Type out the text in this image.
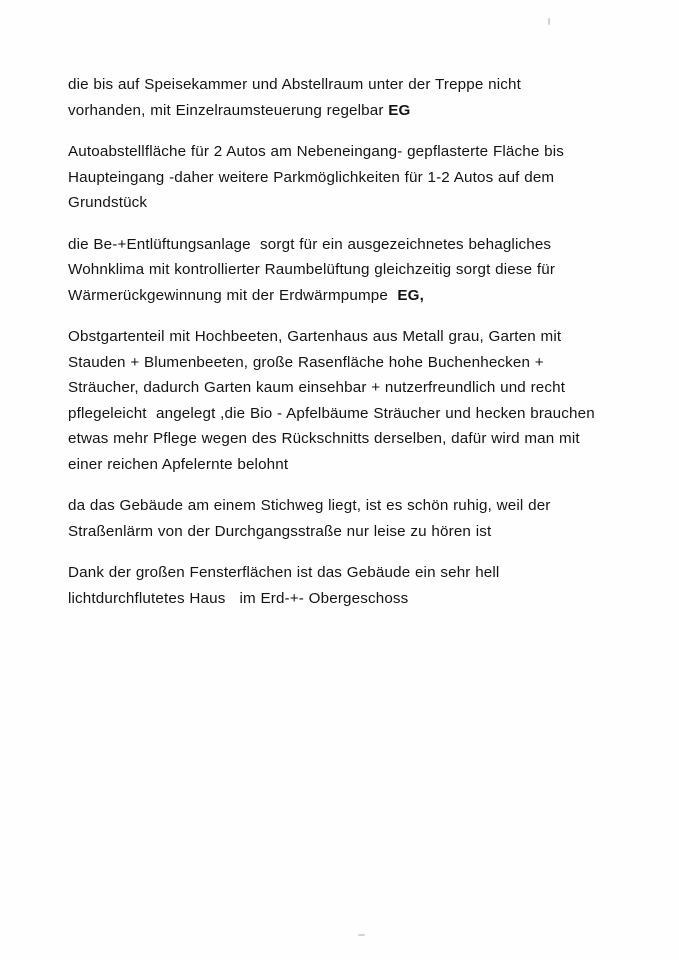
die bis auf Speisekammer und Abstellraum unter der Treppe nicht vorhanden, mit Einzelraumsteuerung regelbar EG

Autoabstellfläche für 2 Autos am Nebeneingang- gepflasterte Fläche bis Haupteingang -daher weitere Parkmöglichkeiten für 1-2 Autos auf dem Grundstück

die Be-+Entlüftungsanlage  sorgt für ein ausgezeichnetes behagliches Wohnklima mit kontrollierter Raumbelüftung gleichzeitig sorgt diese für Wärmerückgewinnung mit der Erdwärmpumpe  EG,

Obstgartenteil mit Hochbeeten, Gartenhaus aus Metall grau, Garten mit Stauden + Blumenbeeten, große Rasenfläche hohe Buchenhecken + Sträucher, dadurch Garten kaum einsehbar + nutzerfreundlich und recht pflegeleicht  angelegt ,die Bio - Apfelbäume Sträucher und hecken brauchen etwas mehr Pflege wegen des Rückschnitts derselben, dafür wird man mit einer reichen Apfelernte belohnt

da das Gebäude am einem Stichweg liegt, ist es schön ruhig, weil der Straßenlärm von der Durchgangsstraße nur leise zu hören ist

Dank der großen Fensterflächen ist das Gebäude ein sehr hell lichtdurchflutetes Haus   im Erd-+- Obergeschoss
